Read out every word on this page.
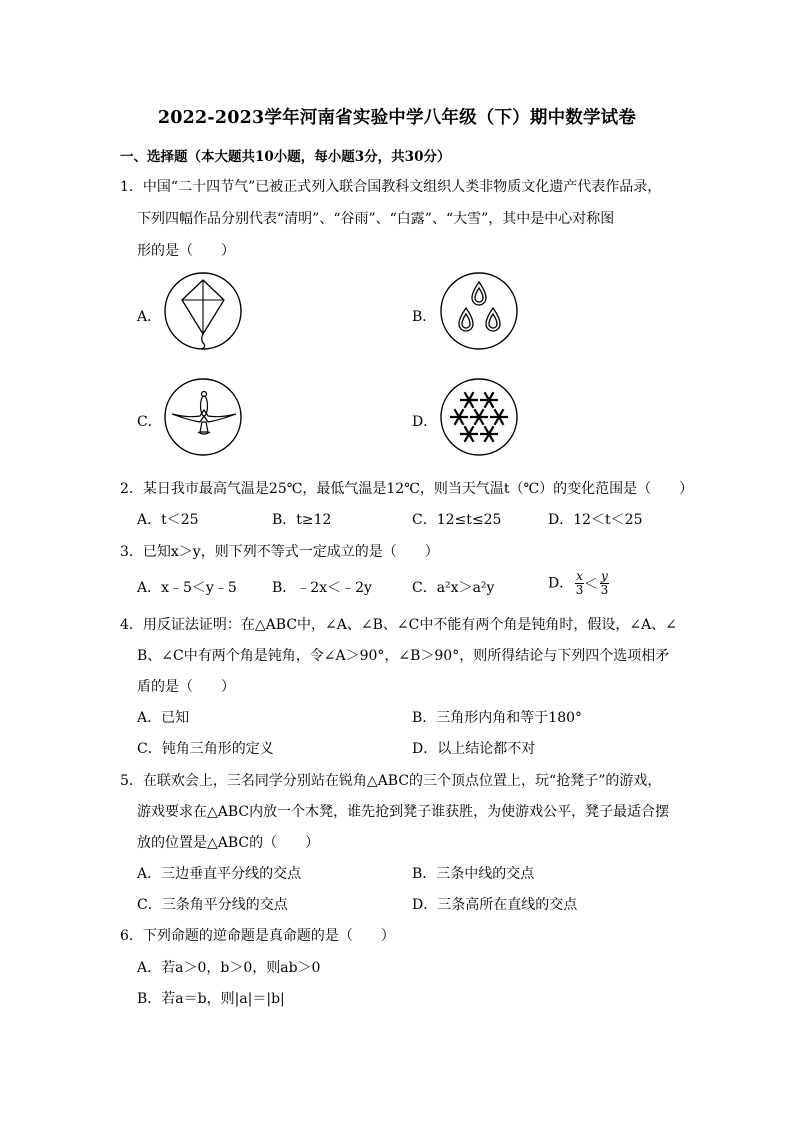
2022-2023学年河南省实验中学八年级（下）期中数学试卷
一、选择题（本大题共10小题，每小题3分，共30分）
1．中国“二十四节气”已被正式列入联合国教科文组织人类非物质文化遗产代表作品录，
下列四幅作品分别代表“清明”、“谷雨”、“白露”、“大雪”，其中是中心对称图
形的是（　　）
A．	B．
C．	D．
2．某日我市最高气温是25℃，最低气温是12℃，则当天气温t（℃）的变化范围是（　　）
A．t＜25	B．t≥12	C．12≤t≤25	D．12＜t＜25
3．已知x＞y，则下列不等式一定成立的是（　　）
A．x﹣5＜y﹣5	B．﹣2x＜﹣2y	C．a²x＞a²y	D． $\frac{x}{3} < \frac{y}{3}$
4．用反证法证明：在△ABC中，∠A、∠B、∠C中不能有两个角是钝角时，假设，∠A、∠
B、∠C中有两个角是钝角，令∠A＞90°，∠B＞90°，则所得结论与下列四个选项相矛
盾的是（　　）
A．已知	B．三角形内角和等于180°
C．钝角三角形的定义	D．以上结论都不对
5．在联欢会上，三名同学分别站在锐角△ABC的三个顶点位置上，玩“抢凳子”的游戏，
游戏要求在△ABC内放一个木凳，谁先抢到凳子谁获胜，为使游戏公平，凳子最适合摆
放的位置是△ABC的（　　）
A．三边垂直平分线的交点	B．三条中线的交点
C．三条角平分线的交点	D．三条高所在直线的交点
6．下列命题的逆命题是真命题的是（　　）
A．若a＞0，b＞0，则ab＞0
B．若a＝b，则|a|＝|b|
